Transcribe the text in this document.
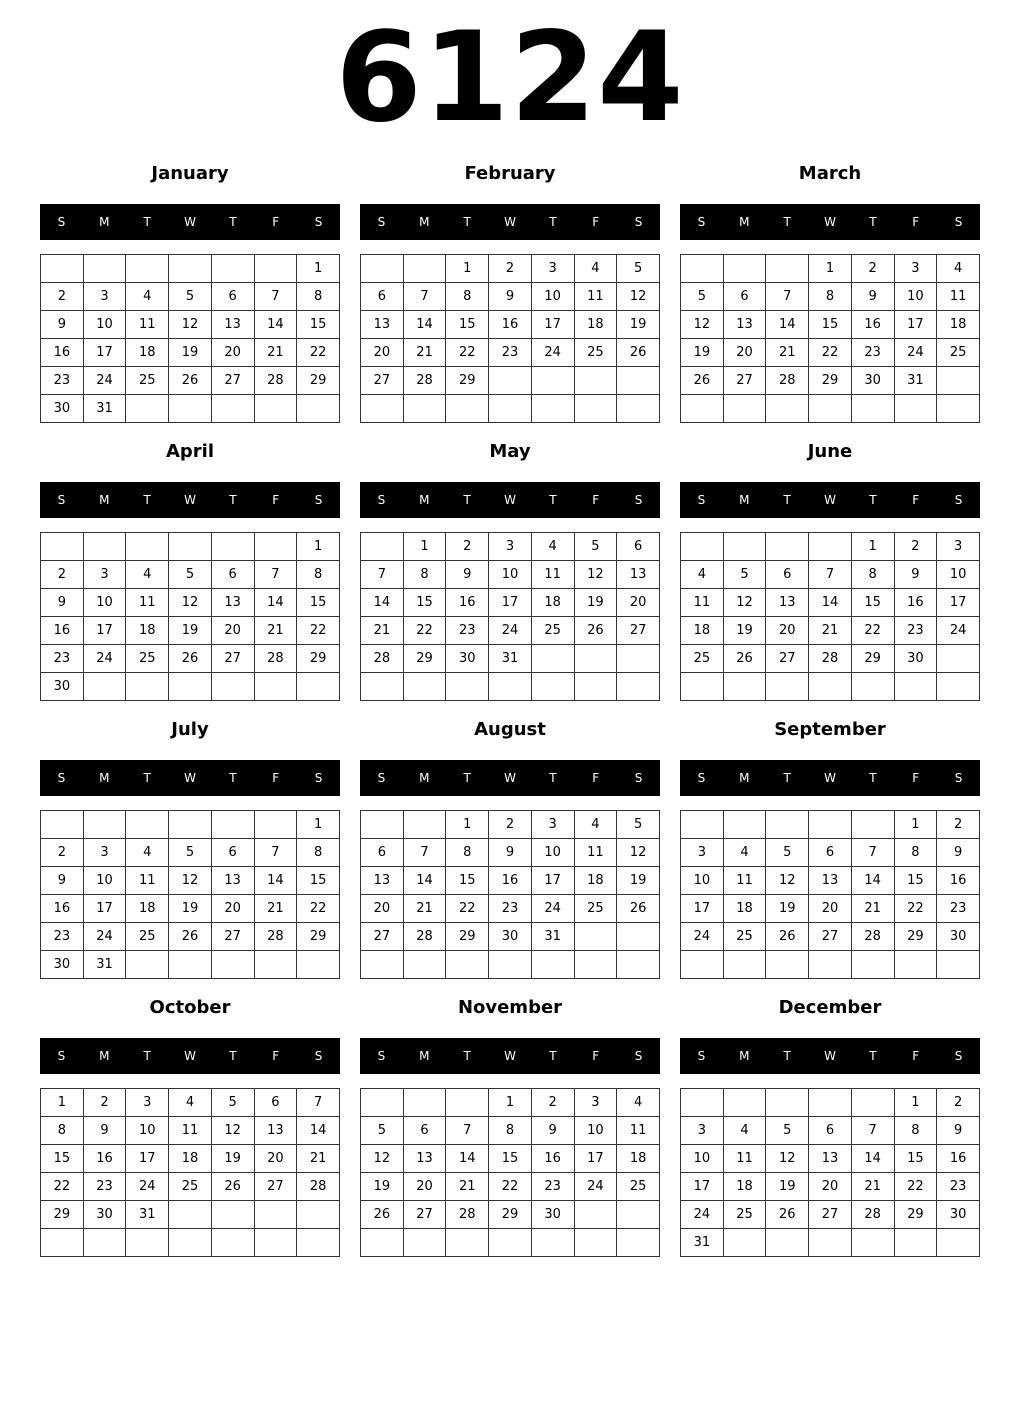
6124
January
S	M	T	W	T	F	S
						1
2	3	4	5	6	7	8
9	10	11	12	13	14	15
16	17	18	19	20	21	22
23	24	25	26	27	28	29
30	31					
February
S	M	T	W	T	F	S
		1	2	3	4	5
6	7	8	9	10	11	12
13	14	15	16	17	18	19
20	21	22	23	24	25	26
27	28	29				

March
S	M	T	W	T	F	S
			1	2	3	4
5	6	7	8	9	10	11
12	13	14	15	16	17	18
19	20	21	22	23	24	25
26	27	28	29	30	31	

April
S	M	T	W	T	F	S
						1
2	3	4	5	6	7	8
9	10	11	12	13	14	15
16	17	18	19	20	21	22
23	24	25	26	27	28	29
30						
May
S	M	T	W	T	F	S
	1	2	3	4	5	6
7	8	9	10	11	12	13
14	15	16	17	18	19	20
21	22	23	24	25	26	27
28	29	30	31			

June
S	M	T	W	T	F	S
				1	2	3
4	5	6	7	8	9	10
11	12	13	14	15	16	17
18	19	20	21	22	23	24
25	26	27	28	29	30	

July
S	M	T	W	T	F	S
						1
2	3	4	5	6	7	8
9	10	11	12	13	14	15
16	17	18	19	20	21	22
23	24	25	26	27	28	29
30	31					
August
S	M	T	W	T	F	S
		1	2	3	4	5
6	7	8	9	10	11	12
13	14	15	16	17	18	19
20	21	22	23	24	25	26
27	28	29	30	31		

September
S	M	T	W	T	F	S
					1	2
3	4	5	6	7	8	9
10	11	12	13	14	15	16
17	18	19	20	21	22	23
24	25	26	27	28	29	30

October
S	M	T	W	T	F	S
1	2	3	4	5	6	7
8	9	10	11	12	13	14
15	16	17	18	19	20	21
22	23	24	25	26	27	28
29	30	31				

November
S	M	T	W	T	F	S
			1	2	3	4
5	6	7	8	9	10	11
12	13	14	15	16	17	18
19	20	21	22	23	24	25
26	27	28	29	30		

December
S	M	T	W	T	F	S
					1	2
3	4	5	6	7	8	9
10	11	12	13	14	15	16
17	18	19	20	21	22	23
24	25	26	27	28	29	30
31						
